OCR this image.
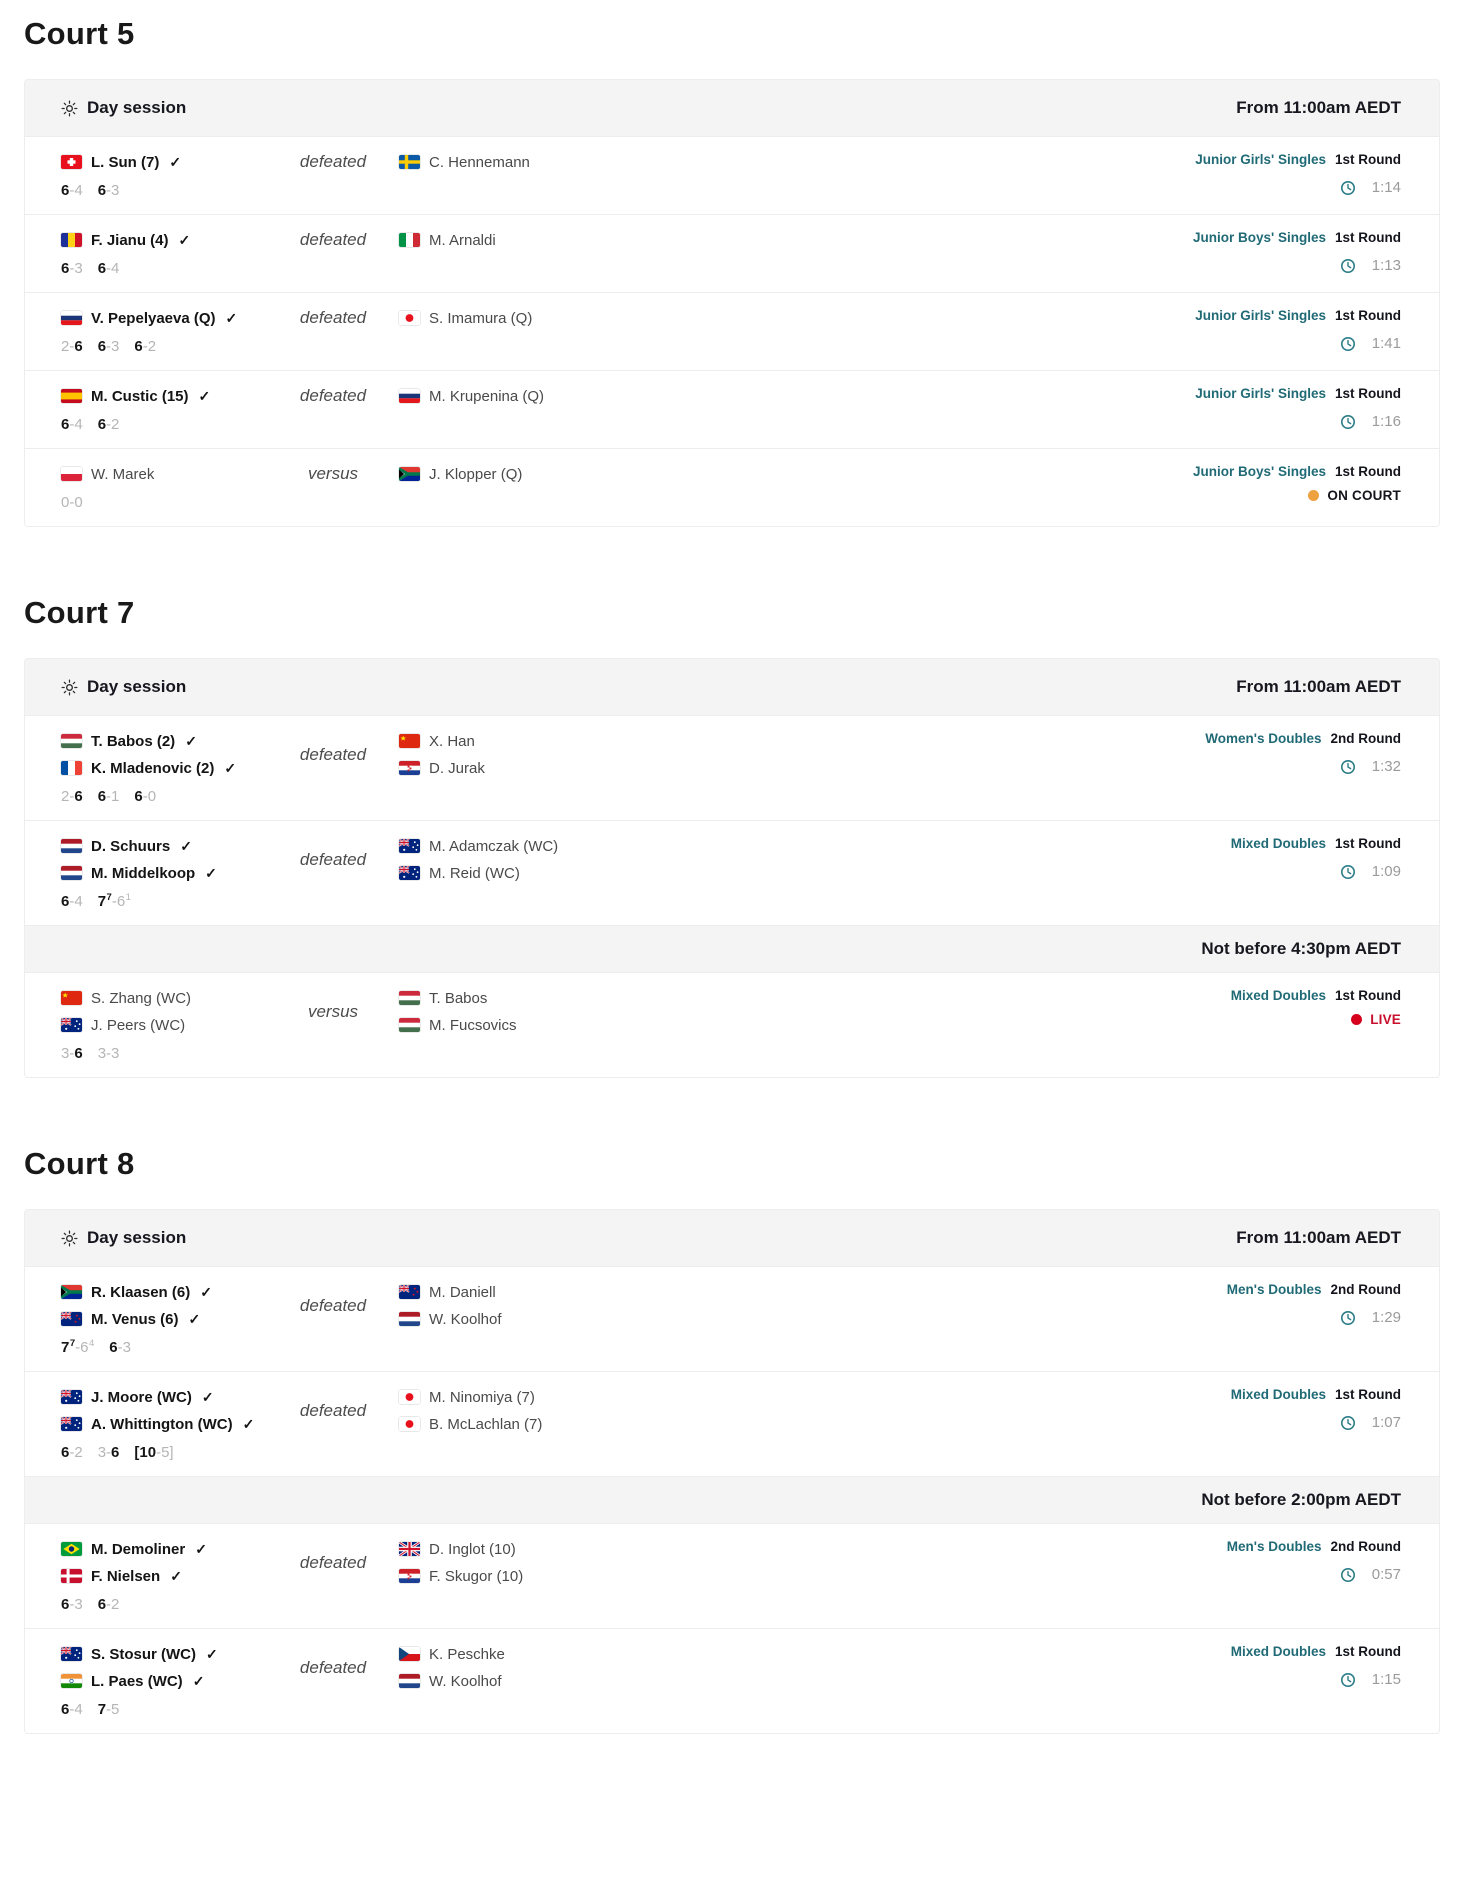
Court 5
Day session	From 11:00am AEDT
L. Sun (7) ✓	defeated	C. Hennemann
6-4 6-3
Junior Girls' Singles 1st Round
1:14
F. Jianu (4) ✓	defeated	M. Arnaldi
6-3 6-4
Junior Boys' Singles 1st Round
1:13
V. Pepelyaeva (Q) ✓	defeated	S. Imamura (Q)
2-6 6-3 6-2
Junior Girls' Singles 1st Round
1:41
M. Custic (15) ✓	defeated	M. Krupenina (Q)
6-4 6-2
Junior Girls' Singles 1st Round
1:16
W. Marek	versus	J. Klopper (Q)
0-0
Junior Boys' Singles 1st Round
ON COURT
Court 7
Day session	From 11:00am AEDT
T. Babos (2) ✓
K. Mladenovic (2) ✓
defeated
X. Han
D. Jurak
2-6 6-1 6-0
Women's Doubles 2nd Round
1:32
D. Schuurs ✓
M. Middelkoop ✓
defeated
M. Adamczak (WC)
M. Reid (WC)
6-4 $7^7-6^1$
Mixed Doubles 1st Round
1:09
Not before 4:30pm AEDT
S. Zhang (WC)
J. Peers (WC)
versus
T. Babos
M. Fucsovics
3-6 3-3
Mixed Doubles 1st Round
LIVE
Court 8
Day session	From 11:00am AEDT
R. Klaasen (6) ✓
M. Venus (6) ✓
defeated
M. Daniell
W. Koolhof
$7^7-6^4$ 6-3
Men's Doubles 2nd Round
1:29
J. Moore (WC) ✓
A. Whittington (WC) ✓
defeated
M. Ninomiya (7)
B. McLachlan (7)
6-2 3-6 [10-5]
Mixed Doubles 1st Round
1:07
Not before 2:00pm AEDT
M. Demoliner ✓
F. Nielsen ✓
defeated
D. Inglot (10)
F. Skugor (10)
6-3 6-2
Men's Doubles 2nd Round
0:57
S. Stosur (WC) ✓
L. Paes (WC) ✓
defeated
K. Peschke
W. Koolhof
6-4 7-5
Mixed Doubles 1st Round
1:15
